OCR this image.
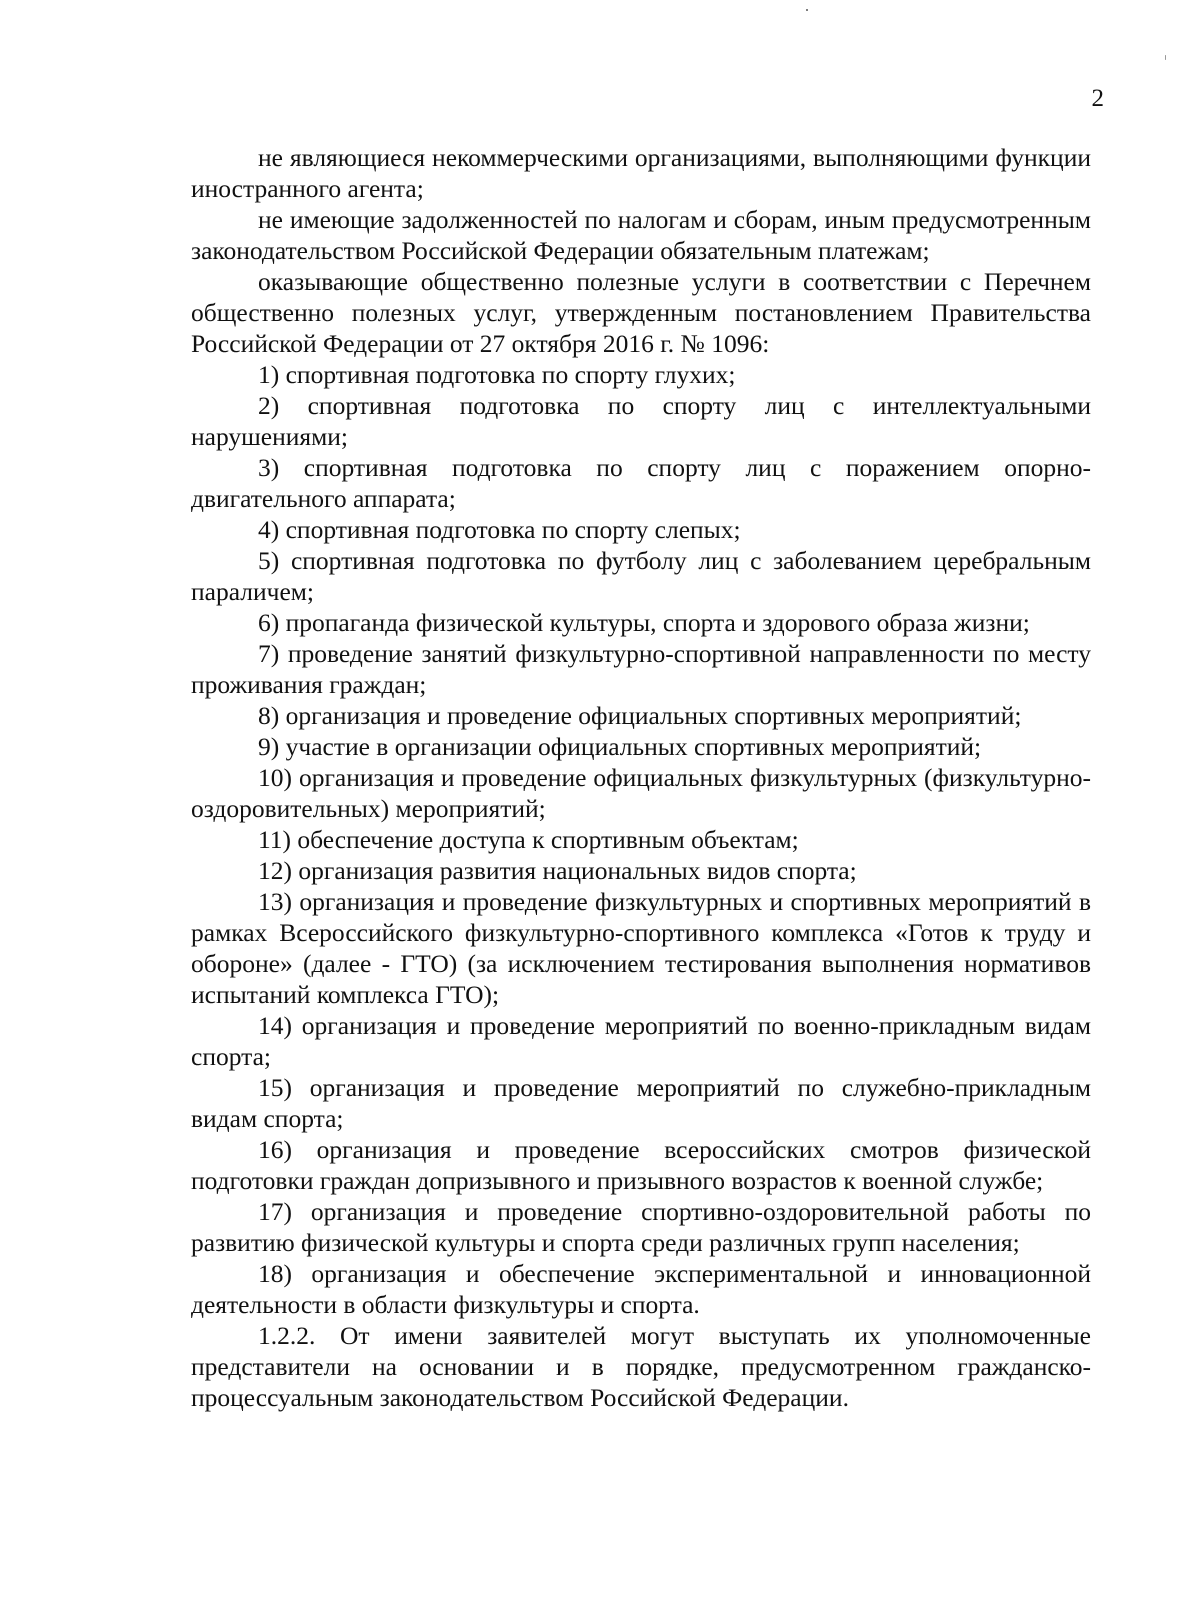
2

не являющиеся некоммерческими организациями, выполняющими функции иностранного агента;

не имеющие задолженностей по налогам и сборам, иным предусмотренным законодательством Российской Федерации обязательным платежам;

оказывающие общественно полезные услуги в соответствии с Перечнем общественно полезных услуг, утвержденным постановлением Правительства Российской Федерации от 27 октября 2016 г. № 1096:

1) спортивная подготовка по спорту глухих;

2) спортивная подготовка по спорту лиц с интеллектуальными нарушениями;

3) спортивная подготовка по спорту лиц с поражением опорно-двигательного аппарата;

4) спортивная подготовка по спорту слепых;

5) спортивная подготовка по футболу лиц с заболеванием церебральным параличем;

6) пропаганда физической культуры, спорта и здорового образа жизни;

7) проведение занятий физкультурно-спортивной направленности по месту проживания граждан;

8) организация и проведение официальных спортивных мероприятий;

9) участие в организации официальных спортивных мероприятий;

10) организация и проведение официальных физкультурных (физкультурно-оздоровительных) мероприятий;

11) обеспечение доступа к спортивным объектам;

12) организация развития национальных видов спорта;

13) организация и проведение физкультурных и спортивных мероприятий в рамках Всероссийского физкультурно-спортивного комплекса «Готов к труду и обороне» (далее - ГТО) (за исключением тестирования выполнения нормативов испытаний комплекса ГТО);

14) организация и проведение мероприятий по военно-прикладным видам спорта;

15) организация и проведение мероприятий по служебно-прикладным видам спорта;

16) организация и проведение всероссийских смотров физической подготовки граждан допризывного и призывного возрастов к военной службе;

17) организация и проведение спортивно-оздоровительной работы по развитию физической культуры и спорта среди различных групп населения;

18) организация и обеспечение экспериментальной и инновационной деятельности в области физкультуры и спорта.

1.2.2. От имени заявителей могут выступать их уполномоченные представители на основании и в порядке, предусмотренном гражданско-процессуальным законодательством Российской Федерации.
